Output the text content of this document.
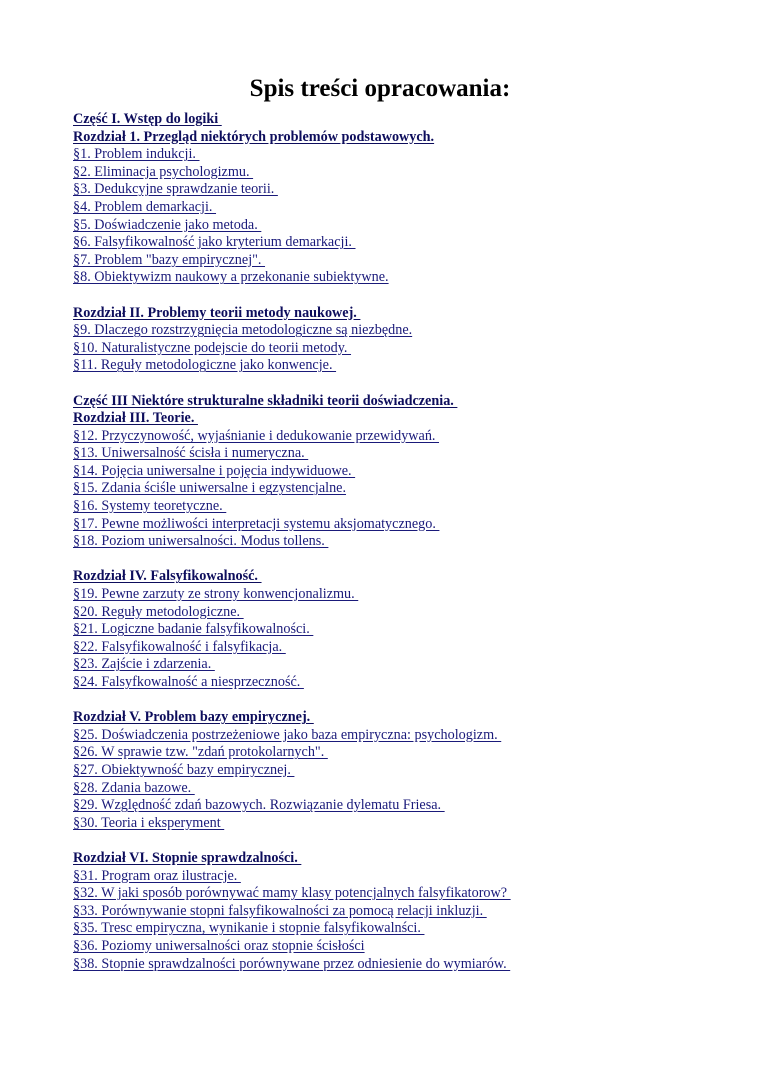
Spis treści opracowania:
Część I. Wstęp do logiki
Rozdział 1. Przegląd niektórych problemów podstawowych.
§1. Problem indukcji.
§2. Eliminacja psychologizmu.
§3. Dedukcyjne sprawdzanie teorii.
§4. Problem demarkacji.
§5. Doświadczenie jako metoda.
§6. Falsyfikowalność jako kryterium demarkacji.
§7. Problem "bazy empirycznej".
§8. Obiektywizm naukowy a przekonanie subiektywne.
Rozdział II. Problemy teorii metody naukowej.
§9. Dlaczego rozstrzygnięcia metodologiczne są niezbędne.
§10. Naturalistyczne podejscie do teorii metody.
§11. Reguły metodologiczne jako konwencje.
Część III Niektóre strukturalne składniki teorii doświadczenia.
Rozdział III. Teorie.
§12. Przyczynowość, wyjaśnianie i dedukowanie przewidywań.
§13. Uniwersalność ścisła i numeryczna.
§14. Pojęcia uniwersalne i pojęcia indywiduowe.
§15. Zdania ściśle uniwersalne i egzystencjalne.
§16. Systemy teoretyczne.
§17. Pewne możliwości interpretacji systemu aksjomatycznego.
§18. Poziom uniwersalności. Modus tollens.
Rozdział IV. Falsyfikowalność.
§19. Pewne zarzuty ze strony konwencjonalizmu.
§20. Reguły metodologiczne.
§21. Logiczne badanie falsyfikowalności.
§22. Falsyfikowalność i falsyfikacja.
§23. Zajście i zdarzenia.
§24. Falsyfkowalność a niesprzeczność.
Rozdział V. Problem bazy empirycznej.
§25. Doświadczenia postrzeżeniowe jako baza empiryczna: psychologizm.
§26. W sprawie tzw. "zdań protokolarnych".
§27. Obiektywność bazy empirycznej.
§28. Zdania bazowe.
§29. Względność zdań bazowych. Rozwiązanie dylematu Friesa.
§30. Teoria i eksperyment
Rozdział VI. Stopnie sprawdzalności.
§31. Program oraz ilustracje.
§32. W jaki sposób porównywać mamy klasy potencjalnych falsyfikatorow?
§33. Porównywanie stopni falsyfikowalności za pomocą relacji inkluzji.
§35. Tresc empiryczna, wynikanie i stopnie falsyfikowalnści.
§36. Poziomy uniwersalności oraz stopnie ścisłości
§38. Stopnie sprawdzalności porównywane przez odniesienie do wymiarów.
